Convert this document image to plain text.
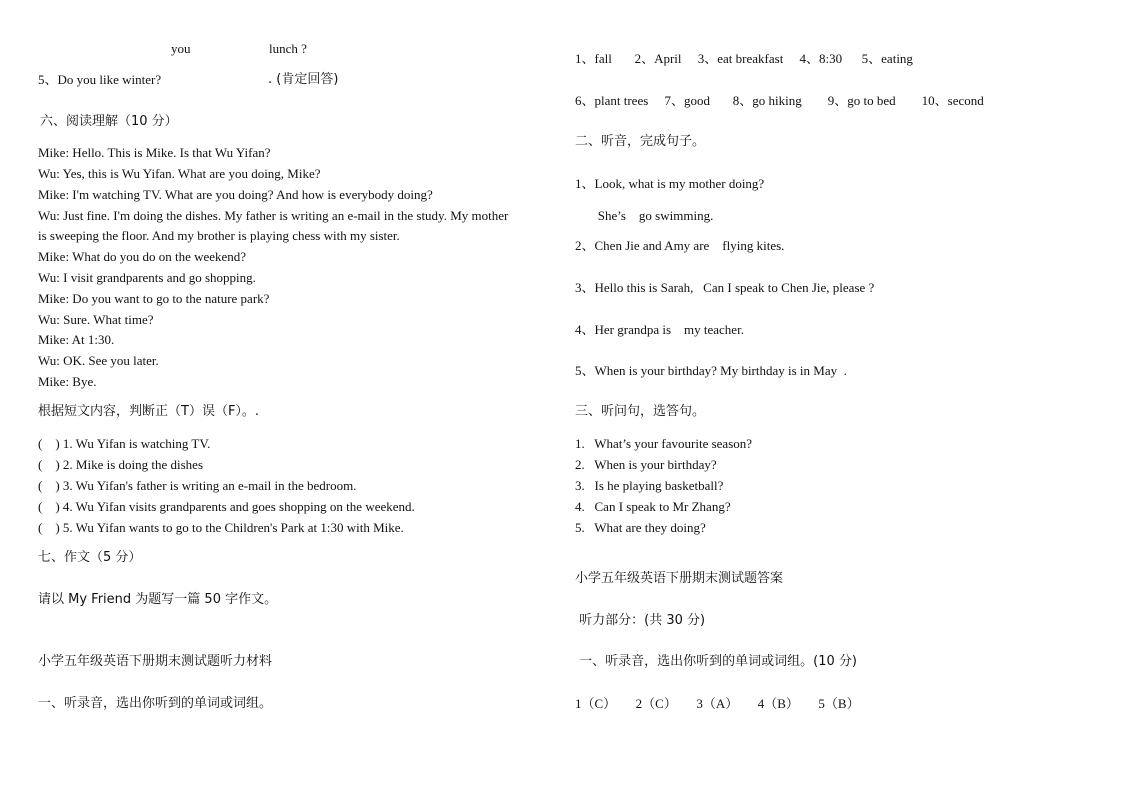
you	lunch ?
5、Do you like winter?	. (肯定回答)
六、阅读理解（10 分）
Mike: Hello. This is Mike. Is that Wu Yifan?
Wu: Yes, this is Wu Yifan. What are you doing, Mike?
Mike: I'm watching TV. What are you doing? And how is everybody doing?
Wu: Just fine. I'm doing the dishes. My father is writing an e-mail in the study. My mother
is sweeping the floor. And my brother is playing chess with my sister.
Mike: What do you do on the weekend?
Wu: I visit grandparents and go shopping.
Mike: Do you want to go to the nature park?
Wu: Sure. What time?
Mike: At 1:30.
Wu: OK. See you later.
Mike: Bye.
根据短文内容，判断正（T）误（F）。.
(    ) 1. Wu Yifan is watching TV.
(    ) 2. Mike is doing the dishes
(    ) 3. Wu Yifan's father is writing an e-mail in the bedroom.
(    ) 4. Wu Yifan visits grandparents and goes shopping on the weekend.
(    ) 5. Wu Yifan wants to go to the Children's Park at 1:30 with Mike.
七、作文（5 分）
请以 My Friend 为题写一篇 50 字作文。
小学五年级英语下册期末测试题听力材料
一、听录音，选出你听到的单词或词组。
1、fall       2、April     3、eat breakfast     4、8:30      5、eating
6、plant trees     7、good       8、go hiking        9、go to bed        10、second
二、听音，完成句子。
1、Look, what is my mother doing?
She’s    go swimming.
2、Chen Jie and Amy are    flying kites.
3、Hello this is Sarah,   Can I speak to Chen Jie, please ?
4、Her grandpa is    my teacher.
5、When is your birthday? My birthday is in May  .
三、听问句，选答句。
1.   What’s your favourite season?
2.   When is your birthday?
3.   Is he playing basketball?
4.   Can I speak to Mr Zhang?
5.   What are they doing?
小学五年级英语下册期末测试题答案
听力部分：(共 30 分)
一、听录音，选出你听到的单词或词组。(10 分)
1（C）      2（C）      3（A）      4（B）      5（B）
